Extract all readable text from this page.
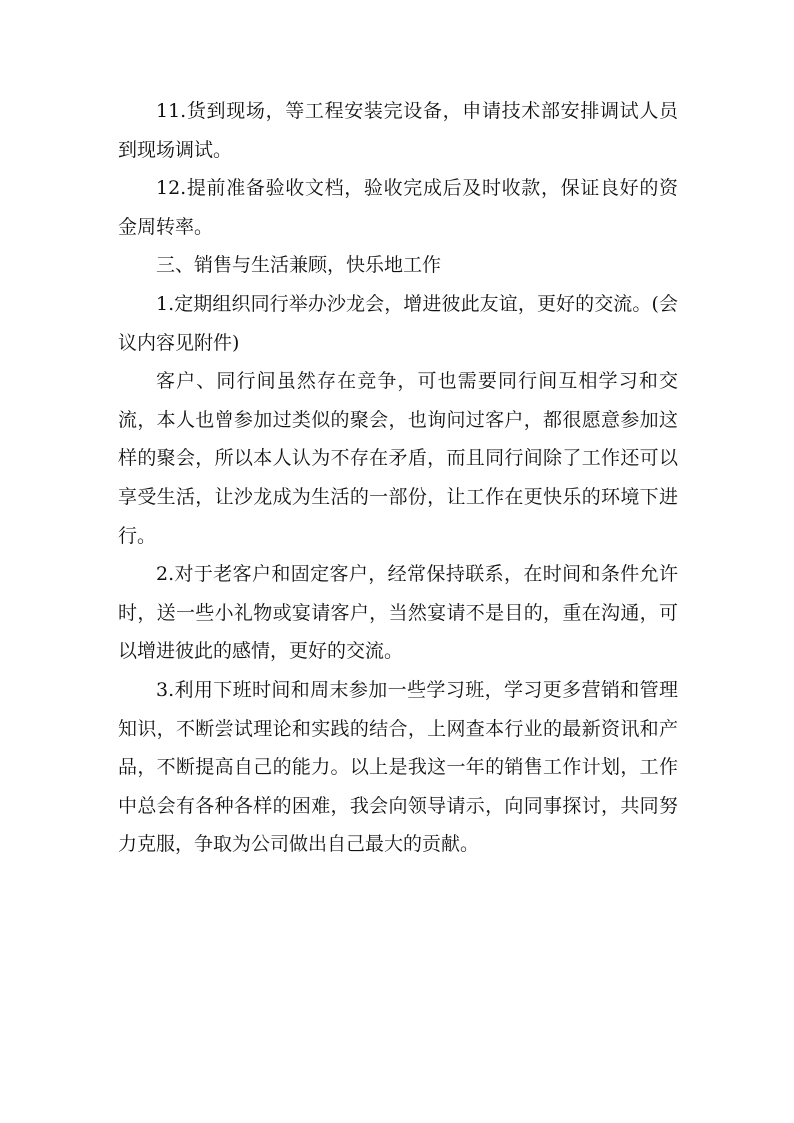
11.货到现场，等工程安装完设备，申请技术部安排调试人员到现场调试。

12.提前准备验收文档，验收完成后及时收款，保证良好的资金周转率。

三、销售与生活兼顾，快乐地工作

1.定期组织同行举办沙龙会，增进彼此友谊，更好的交流。(会议内容见附件)

客户、同行间虽然存在竞争，可也需要同行间互相学习和交流，本人也曾参加过类似的聚会，也询问过客户，都很愿意参加这样的聚会，所以本人认为不存在矛盾，而且同行间除了工作还可以享受生活，让沙龙成为生活的一部份，让工作在更快乐的环境下进行。

2.对于老客户和固定客户，经常保持联系，在时间和条件允许时，送一些小礼物或宴请客户，当然宴请不是目的，重在沟通，可以增进彼此的感情，更好的交流。

3.利用下班时间和周末参加一些学习班，学习更多营销和管理知识，不断尝试理论和实践的结合，上网查本行业的最新资讯和产品，不断提高自己的能力。以上是我这一年的销售工作计划，工作中总会有各种各样的困难，我会向领导请示，向同事探讨，共同努力克服，争取为公司做出自己最大的贡献。
